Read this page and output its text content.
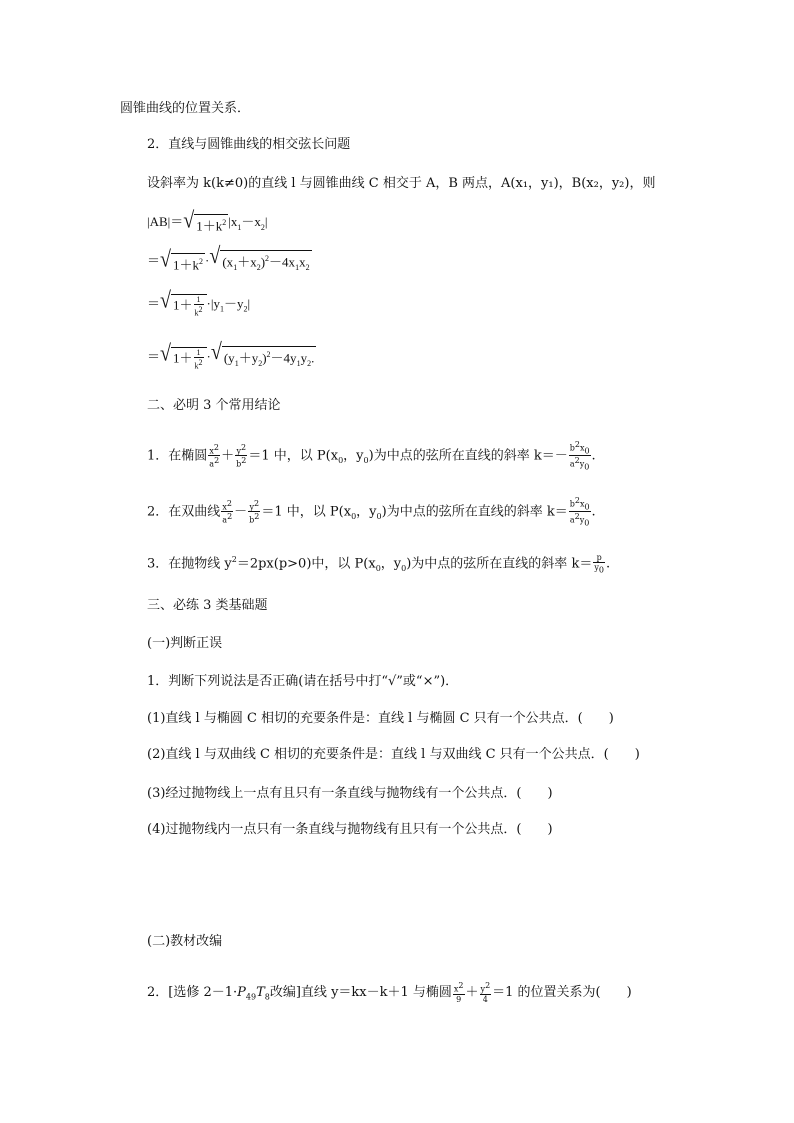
圆锥曲线的位置关系．
2．直线与圆锥曲线的相交弦长问题
设斜率为 k(k≠0)的直线 l 与圆锥曲线 C 相交于 A，B 两点，A(x₁，y₁)，B(x₂，y₂)，则
|AB|＝ √ $1+k^2$ $|x_1-x_2|$
＝ √ $1+k^2$ · √ $(x_1+x_2)^2-4x_1x_2$
＝ √ $1+ \frac{1}{k^2} \cdot|y_1-y_2|$
＝ √ $1+ \frac{1}{k^2}$ · √ $(y_1+y_2)^2-4y_1y_2$.
二、必明 3 个常用结论
1．在椭圆 $\frac{x^2}{a^2} + \frac{y^2}{b^2} =1$ 中，以 $P(x_0$，$y_0$)为中点的弦所在直线的斜率 $k=- \frac{b^2x_0}{a^2y_0}$ .
2．在双曲线 $\frac{x^2}{a^2} - \frac{y^2}{b^2} =1$ 中，以 $P(x_0$，$y_0$)为中点的弦所在直线的斜率 $k= \frac{b^2x_0}{a^2y_0}$ .
3．在抛物线 $y^2=2px(p>0)$中，以 $P(x_0$，$y_0$)为中点的弦所在直线的斜率 $k= \frac{p}{y_0}$ .
三、必练 3 类基础题
(一)判断正误
1．判断下列说法是否正确(请在括号中打“√”或“×”)．
(1)直线 l 与椭圆 C 相切的充要条件是：直线 l 与椭圆 C 只有一个公共点．(　　)
(2)直线 l 与双曲线 C 相切的充要条件是：直线 l 与双曲线 C 只有一个公共点．(　　)
(3)经过抛物线上一点有且只有一条直线与抛物线有一个公共点．(　　)
(4)过抛物线内一点只有一条直线与抛物线有且只有一个公共点．(　　)
(二)教材改编
2．[选修 $2-1\cdot P_{49}T_8$改编]直线 y＝kx－k＋1 与椭圆 $\frac{x^2}{9} + \frac{y^2}{4} =1$ 的位置关系为(　　)
